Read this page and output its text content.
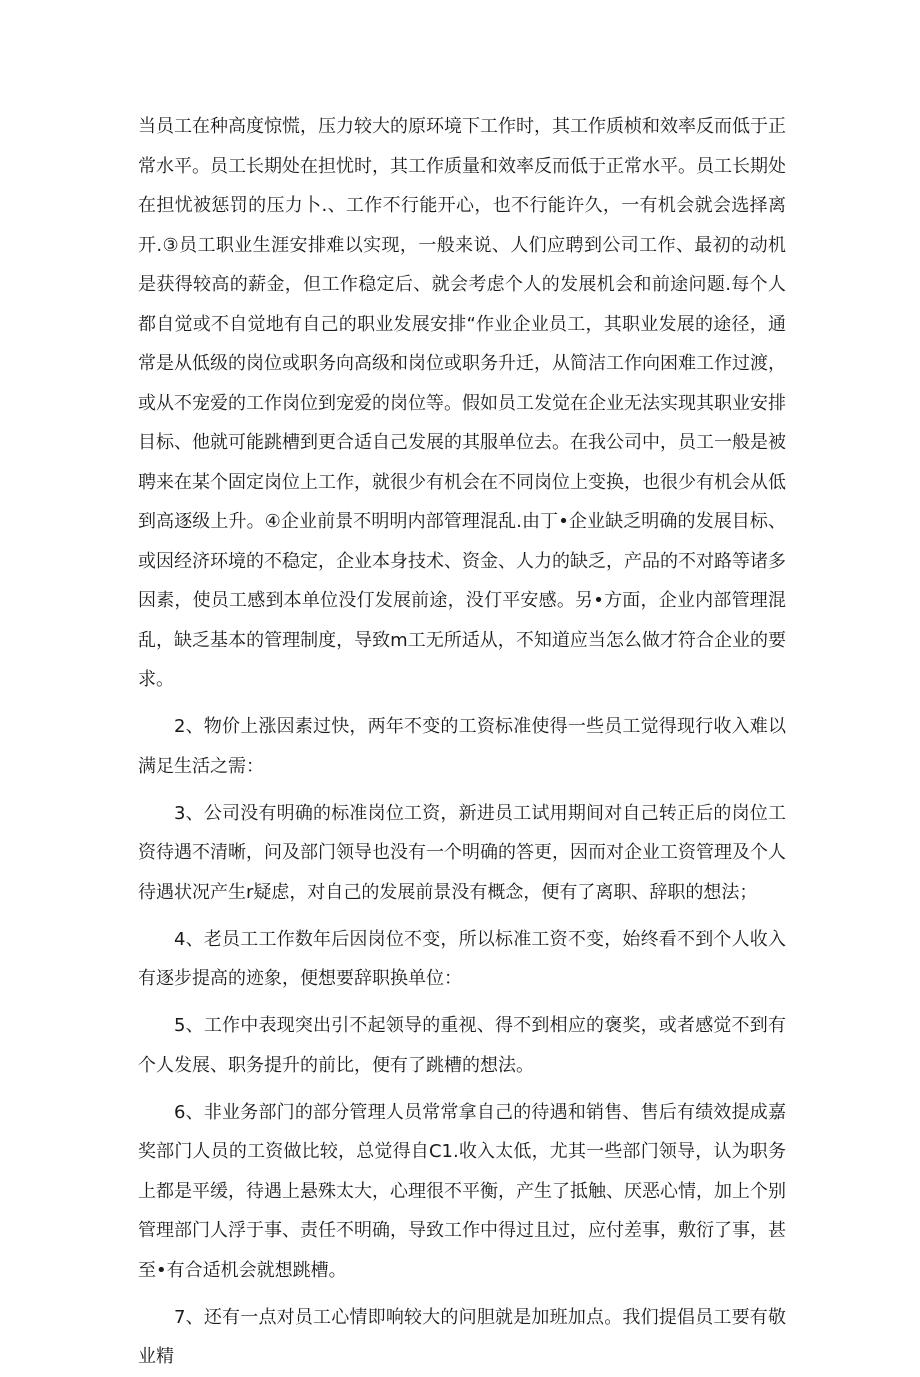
当员工在种高度惊慌，压力较大的原环境下工作时，其工作质桢和效率反而低于正常水平。员工长期处在担忧时，其工作质量和效率反而低于正常水平。员工长期处在担忧被惩罚的压力卜.、工作不行能开心，也不行能许久，一有机会就会选择离开.③员工职业生涯安排难以实现，一般来说、人们应聘到公司工作、最初的动机是获得较高的薪金，但工作稳定后、就会考虑个人的发展机会和前途问题.每个人都自觉或不自觉地有自己的职业发展安排“作业企业员工，其职业发展的途径，通常是从低级的岗位或职务向高级和岗位或职务升迁，从简洁工作向困难工作过渡，或从不宠爱的工作岗位到宠爱的岗位等。假如员工发觉在企业无法实现其职业安排目标、他就可能跳槽到更合适自己发展的其服单位去。在我公司中，员工一般是被聘来在某个固定岗位上工作，就很少有机会在不同岗位上变换，也很少有机会从低到高逐级上升。④企业前景不明明内部管理混乱.由丁•企业缺乏明确的发展目标、或因经济环境的不稳定，企业本身技术、资金、人力的缺乏，产品的不对路等诸多因素，使员工感到本单位没仃发展前途，没仃平安感。另•方面，企业内部管理混乱，缺乏基本的管理制度，导致m工无所适从，不知道应当怎么做才符合企业的要求。

2、物价上涨因素过快，两年不变的工资标准使得一些员工觉得现行收入难以满足生活之需：

3、公司没有明确的标准岗位工资，新进员工试用期间对自己转正后的岗位工资待遇不清晰，问及部门领导也没有一个明确的答更，因而对企业工资管理及个人待遇状况产生r疑虑，对自己的发展前景没有概念，便有了离职、辞职的想法；

4、老员工工作数年后因岗位不变，所以标准工资不变，始终看不到个人收入有逐步提高的迹象，便想要辞职换单位：

5、工作中表现突出引不起领导的重视、得不到相应的褒奖，或者感觉不到有个人发展、职务提升的前比，便有了跳槽的想法。

6、非业务部门的部分管理人员常常拿自己的待遇和销售、售后有绩效提成嘉奖部门人员的工资做比较，总觉得自C1.收入太低，尤其一些部门领导，认为职务上都是平缓，待遇上悬殊太大，心理很不平衡，产生了抵触、厌恶心情，加上个别管理部门人浮于事、责任不明确，导致工作中得过且过，应付差事，敷衍了事，甚至•有合适机会就想跳槽。

7、还有一点对员工心情即响较大的问胆就是加班加点。我们提倡员工要有敬业精
